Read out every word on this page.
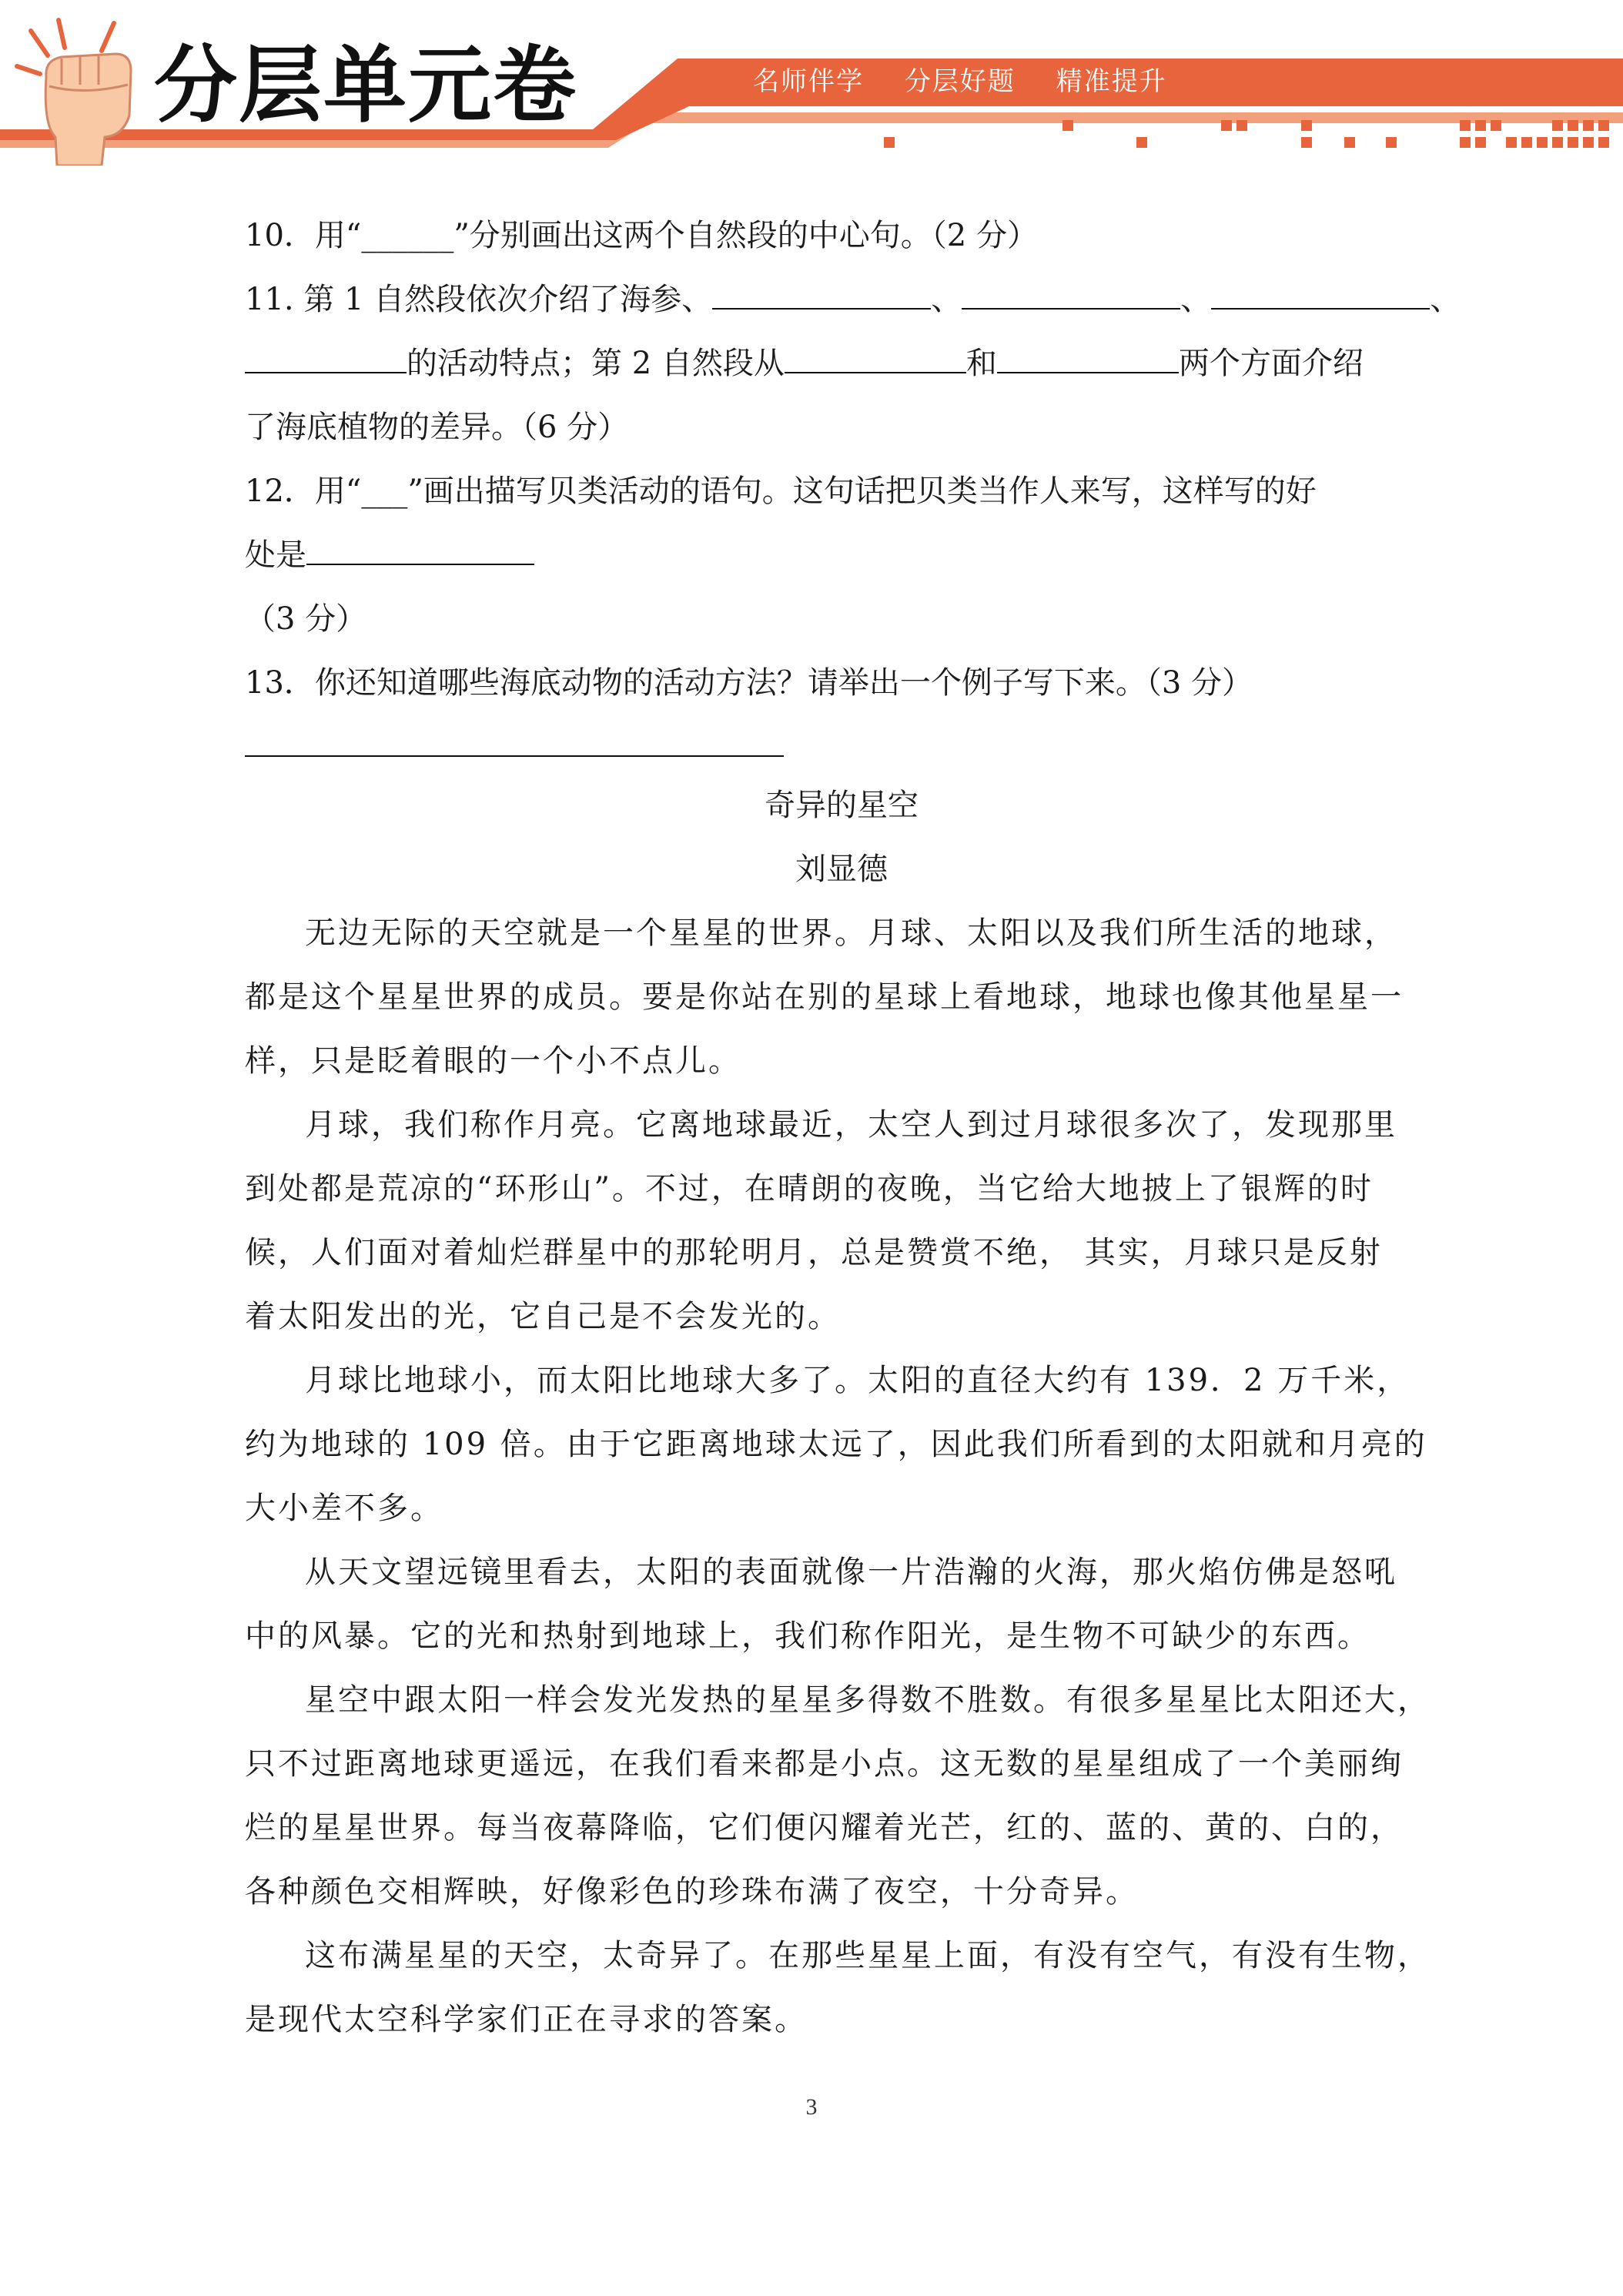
分层单元卷	名师伴学 分层好题 精准提升
10．用“______”分别画出这两个自然段的中心句。（2 分）
11. 第 1 自然段依次介绍了海参、	、	、	、
的活动特点；第 2 自然段从	和	两个方面介绍
了海底植物的差异。（6 分）
12．用“___”画出描写贝类活动的语句。这句话把贝类当作人来写，这样写的好
处是
（3 分）
13．你还知道哪些海底动物的活动方法？请举出一个例子写下来。（3 分）
奇异的星空
刘显德
无边无际的天空就是一个星星的世界。月球、太阳以及我们所生活的地球，
都是这个星星世界的成员。要是你站在别的星球上看地球，地球也像其他星星一
样，只是眨着眼的一个小不点儿。
月球，我们称作月亮。它离地球最近，太空人到过月球很多次了，发现那里
到处都是荒凉的“环形山”。不过，在晴朗的夜晚，当它给大地披上了银辉的时
候，人们面对着灿烂群星中的那轮明月，总是赞赏不绝， 其实，月球只是反射
着太阳发出的光，它自己是不会发光的。
月球比地球小，而太阳比地球大多了。太阳的直径大约有 139．2 万千米，
约为地球的 109 倍。由于它距离地球太远了，因此我们所看到的太阳就和月亮的
大小差不多。
从天文望远镜里看去，太阳的表面就像一片浩瀚的火海，那火焰仿佛是怒吼
中的风暴。它的光和热射到地球上，我们称作阳光，是生物不可缺少的东西。
星空中跟太阳一样会发光发热的星星多得数不胜数。有很多星星比太阳还大，
只不过距离地球更遥远，在我们看来都是小点。这无数的星星组成了一个美丽绚
烂的星星世界。每当夜幕降临，它们便闪耀着光芒，红的、蓝的、黄的、白的，
各种颜色交相辉映，好像彩色的珍珠布满了夜空，十分奇异。
这布满星星的天空，太奇异了。在那些星星上面，有没有空气，有没有生物，
是现代太空科学家们正在寻求的答案。
3
